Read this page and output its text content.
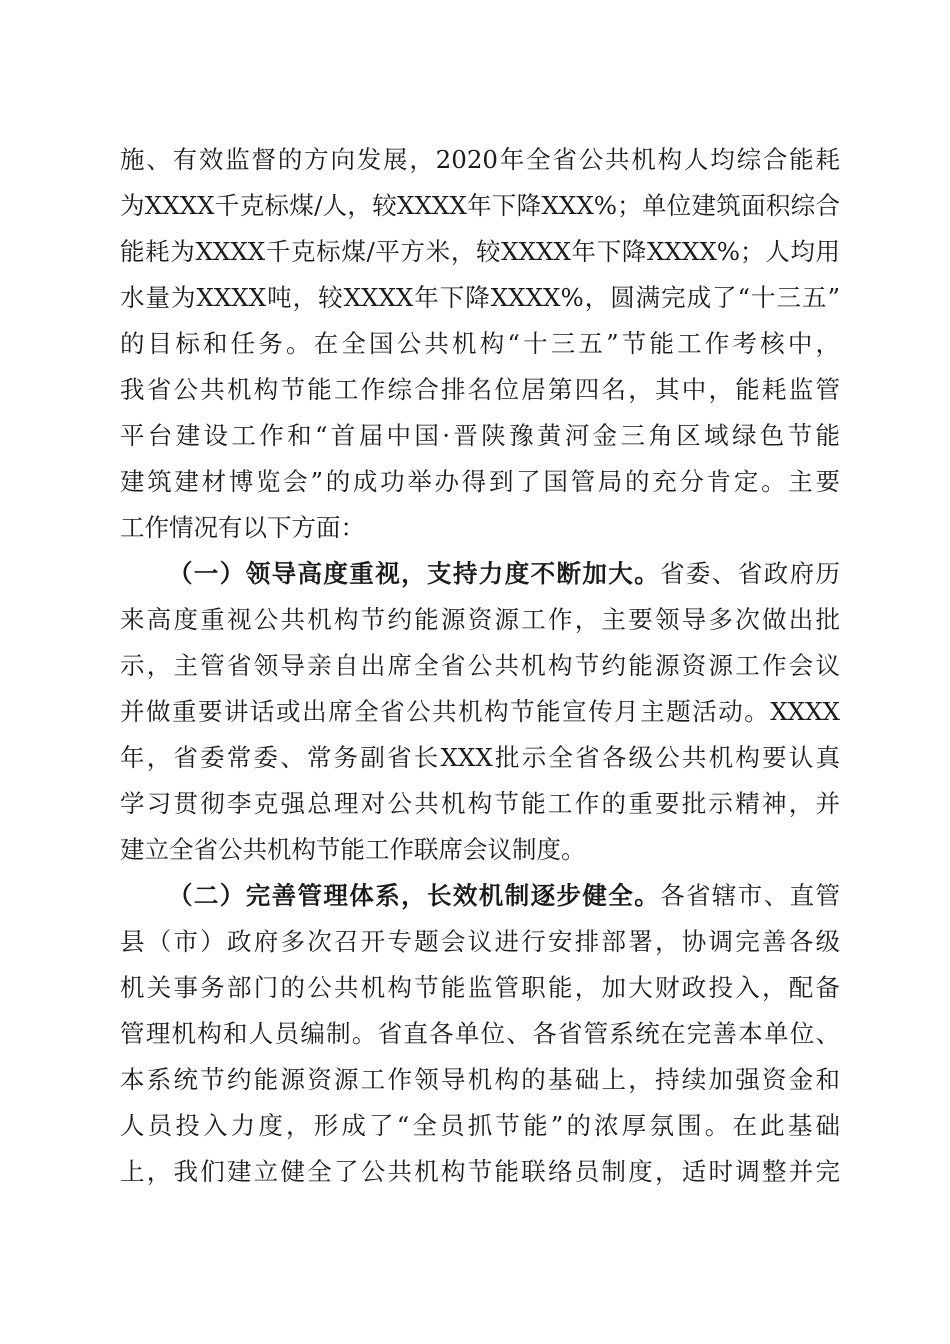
施、有效监督的方向发展，2020年全省公共机构人均综合能耗
为XXXX千克标煤/人，较XXXX年下降XXX%；单位建筑面积综合
能耗为XXXX千克标煤/平方米，较XXXX年下降XXXX%；人均用
水量为XXXX吨，较XXXX年下降XXXX%，圆满完成了“十三五”
的目标和任务。在全国公共机构“十三五”节能工作考核中，
我省公共机构节能工作综合排名位居第四名，其中，能耗监管
平台建设工作和“首届中国·晋陕豫黄河金三角区域绿色节能
建筑建材博览会”的成功举办得到了国管局的充分肯定。主要
工作情况有以下方面：
（一）领导高度重视，支持力度不断加大。省委、省政府历
来高度重视公共机构节约能源资源工作，主要领导多次做出批
示，主管省领导亲自出席全省公共机构节约能源资源工作会议
并做重要讲话或出席全省公共机构节能宣传月主题活动。XXXX
年，省委常委、常务副省长XXX批示全省各级公共机构要认真
学习贯彻李克强总理对公共机构节能工作的重要批示精神，并
建立全省公共机构节能工作联席会议制度。
（二）完善管理体系，长效机制逐步健全。各省辖市、直管
县（市）政府多次召开专题会议进行安排部署，协调完善各级
机关事务部门的公共机构节能监管职能，加大财政投入，配备
管理机构和人员编制。省直各单位、各省管系统在完善本单位、
本系统节约能源资源工作领导机构的基础上，持续加强资金和
人员投入力度，形成了“全员抓节能”的浓厚氛围。在此基础
上，我们建立健全了公共机构节能联络员制度，适时调整并完
